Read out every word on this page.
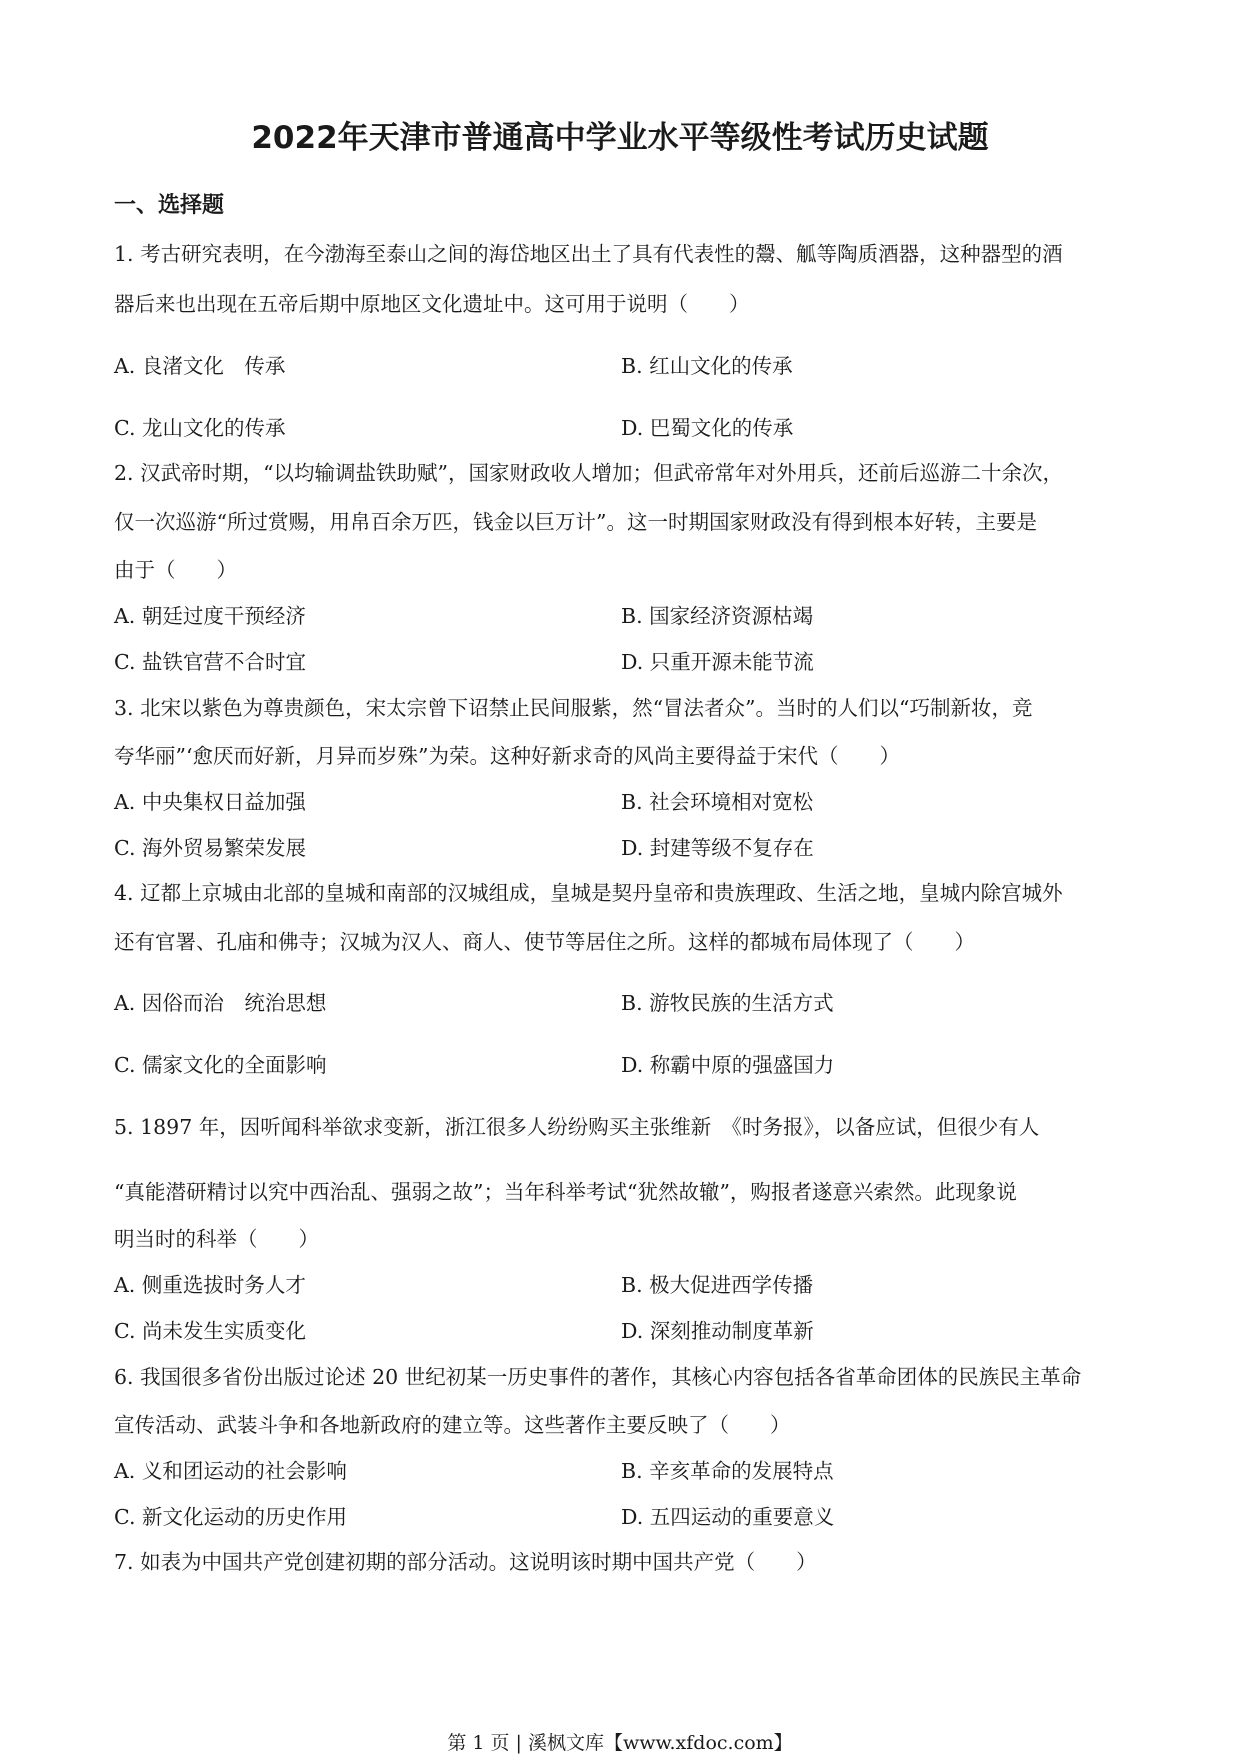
2022年天津市普通高中学业水平等级性考试历史试题
一、选择题
1. 考古研究表明，在今渤海至泰山之间的海岱地区出土了具有代表性的鬶、觚等陶质酒器，这种器型的酒
器后来也出现在五帝后期中原地区文化遗址中。这可用于说明（　　）
A. 良渚文化　传承	B. 红山文化的传承
C. 龙山文化的传承	D. 巴蜀文化的传承
2. 汉武帝时期，“以均输调盐铁助赋”，国家财政收人增加；但武帝常年对外用兵，还前后巡游二十余次，
仅一次巡游“所过赏赐，用帛百余万匹，钱金以巨万计”。这一时期国家财政没有得到根本好转，主要是
由于（　　）
A. 朝廷过度干预经济	B. 国家经济资源枯竭
C. 盐铁官营不合时宜	D. 只重开源未能节流
3. 北宋以紫色为尊贵颜色，宋太宗曾下诏禁止民间服紫，然“冒法者众”。当时的人们以“巧制新妆，竞
夸华丽”‘愈厌而好新，月异而岁殊”为荣。这种好新求奇的风尚主要得益于宋代（　　）
A. 中央集权日益加强	B. 社会环境相对宽松
C. 海外贸易繁荣发展	D. 封建等级不复存在
4. 辽都上京城由北部的皇城和南部的汉城组成，皇城是契丹皇帝和贵族理政、生活之地，皇城内除宫城外
还有官署、孔庙和佛寺；汉城为汉人、商人、使节等居住之所。这样的都城布局体现了（　　）
A. 因俗而治　统治思想	B. 游牧民族的生活方式
C. 儒家文化的全面影响	D. 称霸中原的强盛国力
5. 1897 年，因听闻科举欲求变新，浙江很多人纷纷购买主张维新　《时务报》，以备应试，但很少有人
“真能潜研精讨以究中西治乱、强弱之故”；当年科举考试“犹然故辙”，购报者遂意兴索然。此现象说
明当时的科举（　　）
A. 侧重选拔时务人才	B. 极大促进西学传播
C. 尚未发生实质变化	D. 深刻推动制度革新
6. 我国很多省份出版过论述 20 世纪初某一历史事件的著作，其核心内容包括各省革命团体的民族民主革命
宣传活动、武装斗争和各地新政府的建立等。这些著作主要反映了（　　）
A. 义和团运动的社会影响	B. 辛亥革命的发展特点
C. 新文化运动的历史作用	D. 五四运动的重要意义
7. 如表为中国共产党创建初期的部分活动。这说明该时期中国共产党（　　）
第 1 页 | 溪枫文库【www.xfdoc.com】
